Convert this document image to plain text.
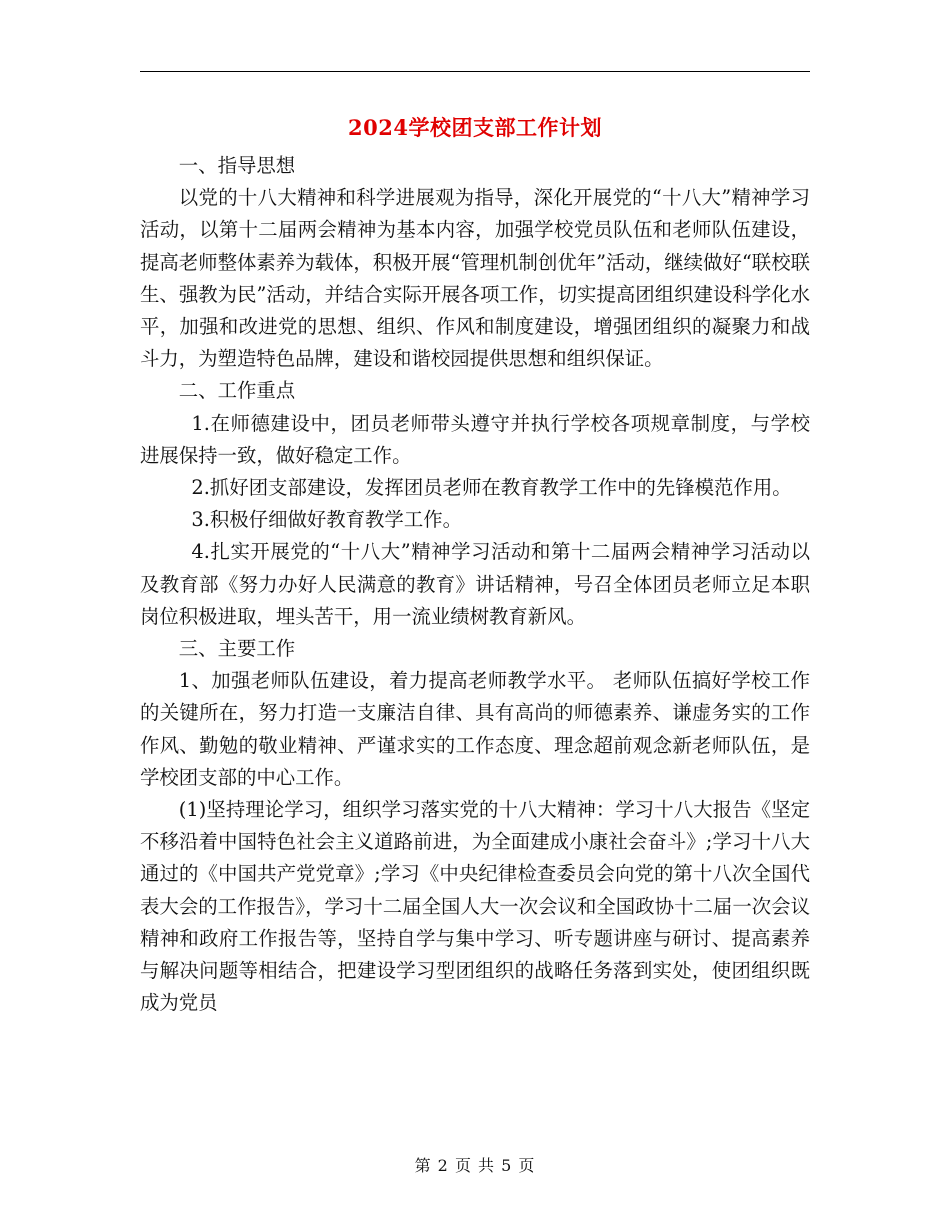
2024学校团支部工作计划

一、指导思想

以党的十八大精神和科学进展观为指导，深化开展党的“十八大”精神学习活动，以第十二届两会精神为基本内容，加强学校党员队伍和老师队伍建设，提高老师整体素养为载体，积极开展“管理机制创优年”活动，继续做好“联校联生、强教为民”活动，并结合实际开展各项工作，切实提高团组织建设科学化水平，加强和改进党的思想、组织、作风和制度建设，增强团组织的凝聚力和战斗力，为塑造特色品牌，建设和谐校园提供思想和组织保证。

二、工作重点

1.在师德建设中，团员老师带头遵守并执行学校各项规章制度，与学校进展保持一致，做好稳定工作。

2.抓好团支部建设，发挥团员老师在教育教学工作中的先锋模范作用。

3.积极仔细做好教育教学工作。

4.扎实开展党的“十八大”精神学习活动和第十二届两会精神学习活动以及教育部《努力办好人民满意的教育》讲话精神，号召全体团员老师立足本职岗位积极进取，埋头苦干，用一流业绩树教育新风。

三、主要工作

1、加强老师队伍建设，着力提高老师教学水平。 老师队伍搞好学校工作的关键所在，努力打造一支廉洁自律、具有高尚的师德素养、谦虚务实的工作作风、勤勉的敬业精神、严谨求实的工作态度、理念超前观念新老师队伍，是学校团支部的中心工作。

(1)坚持理论学习，组织学习落实党的十八大精神：学习十八大报告《坚定不移沿着中国特色社会主义道路前进，为全面建成小康社会奋斗》;学习十八大通过的《中国共产党党章》;学习《中央纪律检查委员会向党的第十八次全国代表大会的工作报告》，学习十二届全国人大一次会议和全国政协十二届一次会议精神和政府工作报告等，坚持自学与集中学习、听专题讲座与研讨、提高素养与解决问题等相结合，把建设学习型团组织的战略任务落到实处，使团组织既成为党员

第 2 页 共 5 页
